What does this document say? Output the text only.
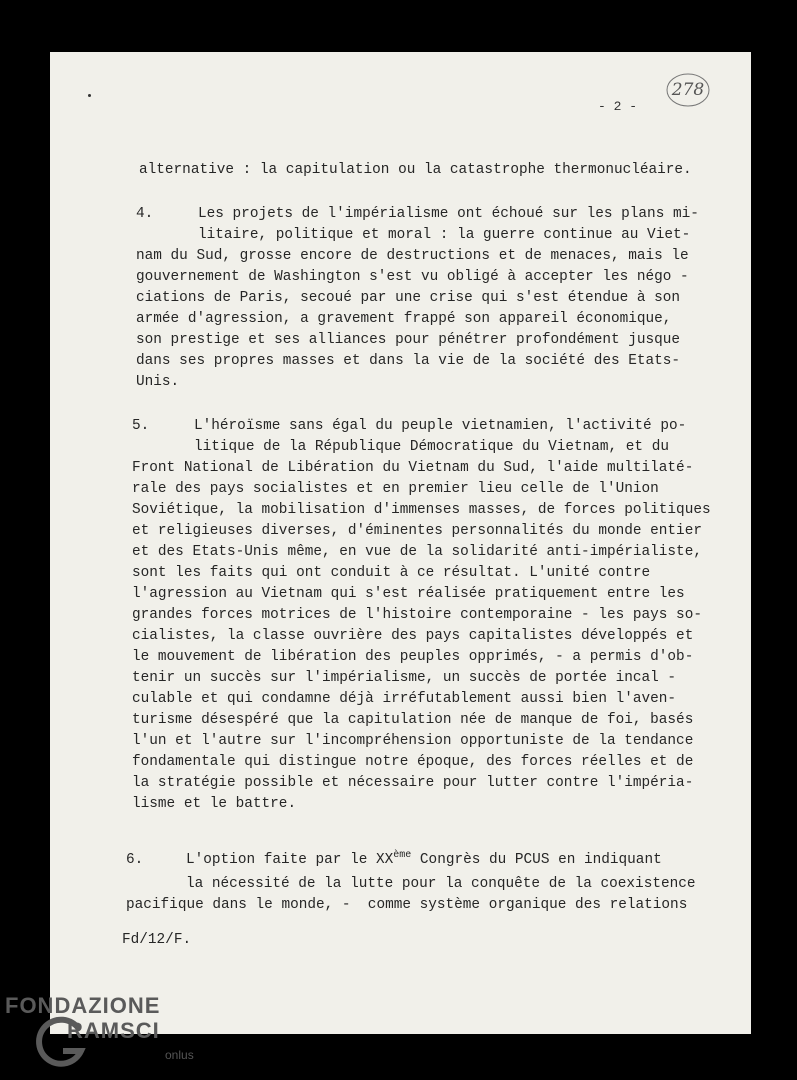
- 2 -
278

alternative : la capitulation ou la catastrophe thermonucléaire.

4.

	Les projets de l'impérialisme ont échoué sur les plans mi-

litaire, politique et moral : la guerre continue au Viet-

nam du Sud, grosse encore de destructions et de menaces, mais le

gouvernement de Washington s'est vu obligé à accepter les négo -

ciations de Paris, secoué par une crise qui s'est étendue à son

armée d'agression, a gravement frappé son appareil économique,

son prestige et ses alliances pour pénétrer profondément jusque

dans ses propres masses et dans la vie de la société des Etats-

Unis.

5.

	L'héroïsme sans égal du peuple vietnamien, l'activité po-

litique de la République Démocratique du Vietnam, et du

Front National de Libération du Vietnam du Sud, l'aide multilaté-

rale des pays socialistes et en premier lieu celle de l'Union

Soviétique, la mobilisation d'immenses masses, de forces politiques

et religieuses diverses, d'éminentes personnalités du monde entier

et des Etats-Unis même, en vue de la solidarité anti-impérialiste,

sont les faits qui ont conduit à ce résultat. L'unité contre

l'agression au Vietnam qui s'est réalisée pratiquement entre les

grandes forces motrices de l'histoire contemporaine - les pays so-

cialistes, la classe ouvrière des pays capitalistes développés et

le mouvement de libération des peuples opprimés, - a permis d'ob-

tenir un succès sur l'impérialisme, un succès de portée incal -

culable et qui condamne déjà irréfutablement aussi bien l'aven-

turisme désespéré que la capitulation née de manque de foi, basés

l'un et l'autre sur l'incompréhension opportuniste de la tendance

fondamentale qui distingue notre époque, des forces réelles et de

la stratégie possible et nécessaire pour lutter contre l'impéria-

lisme et le battre.

6.

	L'option faite par le XXème Congrès du PCUS en indiquant

la nécessité de la lutte pour la conquête de la coexistence

pacifique dans le monde, -  comme système organique des relations

Fd/12/F.

FONDAZIONE
RAMSCI
onlus
